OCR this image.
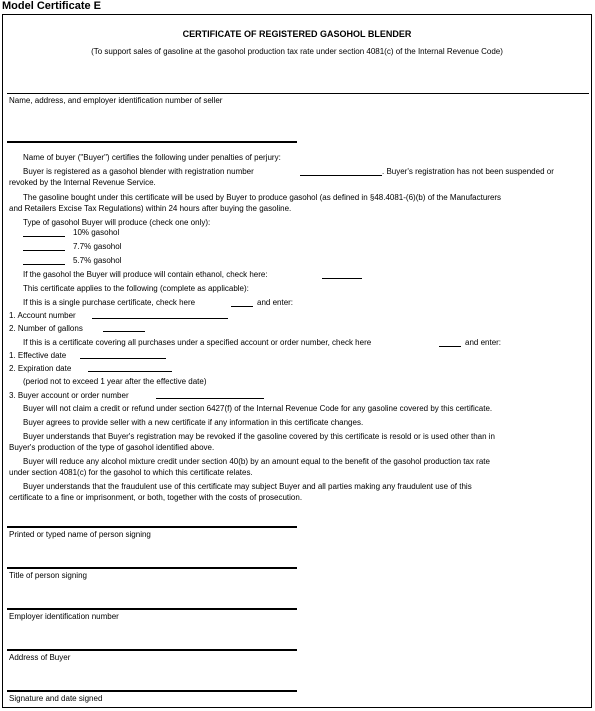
Model Certificate E
CERTIFICATE OF REGISTERED GASOHOL BLENDER
(To support sales of gasoline at the gasohol production tax rate under section 4081(c) of the Internal Revenue Code)
Name, address, and employer identification number of seller
Name of buyer ("Buyer") certifies the following under penalties of perjury:
Buyer is registered as a gasohol blender with registration number	. Buyer's registration has not been suspended or
revoked by the Internal Revenue Service.
The gasoline bought under this certificate will be used by Buyer to produce gasohol (as defined in §48.4081-(6)(b) of the Manufacturers
and Retailers Excise Tax Regulations) within 24 hours after buying the gasoline.
Type of gasohol Buyer will produce (check one only):
10% gasohol
7.7% gasohol
5.7% gasohol
If the gasohol the Buyer will produce will contain ethanol, check here:
This certificate applies to the following (complete as applicable):
If this is a single purchase certificate, check here	and enter:
1. Account number
2. Number of gallons
If this is a certificate covering all purchases under a specified account or order number, check here	and enter:
1. Effective date
2. Expiration date
(period not to exceed 1 year after the effective date)
3. Buyer account or order number
Buyer will not claim a credit or refund under section 6427(f) of the Internal Revenue Code for any gasoline covered by this certificate.
Buyer agrees to provide seller with a new certificate if any information in this certificate changes.
Buyer understands that Buyer's registration may be revoked if the gasoline covered by this certificate is resold or is used other than in
Buyer's production of the type of gasohol identified above.
Buyer will reduce any alcohol mixture credit under section 40(b) by an amount equal to the benefit of the gasohol production tax rate
under section 4081(c) for the gasohol to which this certificate relates.
Buyer understands that the fraudulent use of this certificate may subject Buyer and all parties making any fraudulent use of this
certificate to a fine or imprisonment, or both, together with the costs of prosecution.
Printed or typed name of person signing
Title of person signing
Employer identification number
Address of Buyer
Signature and date signed
